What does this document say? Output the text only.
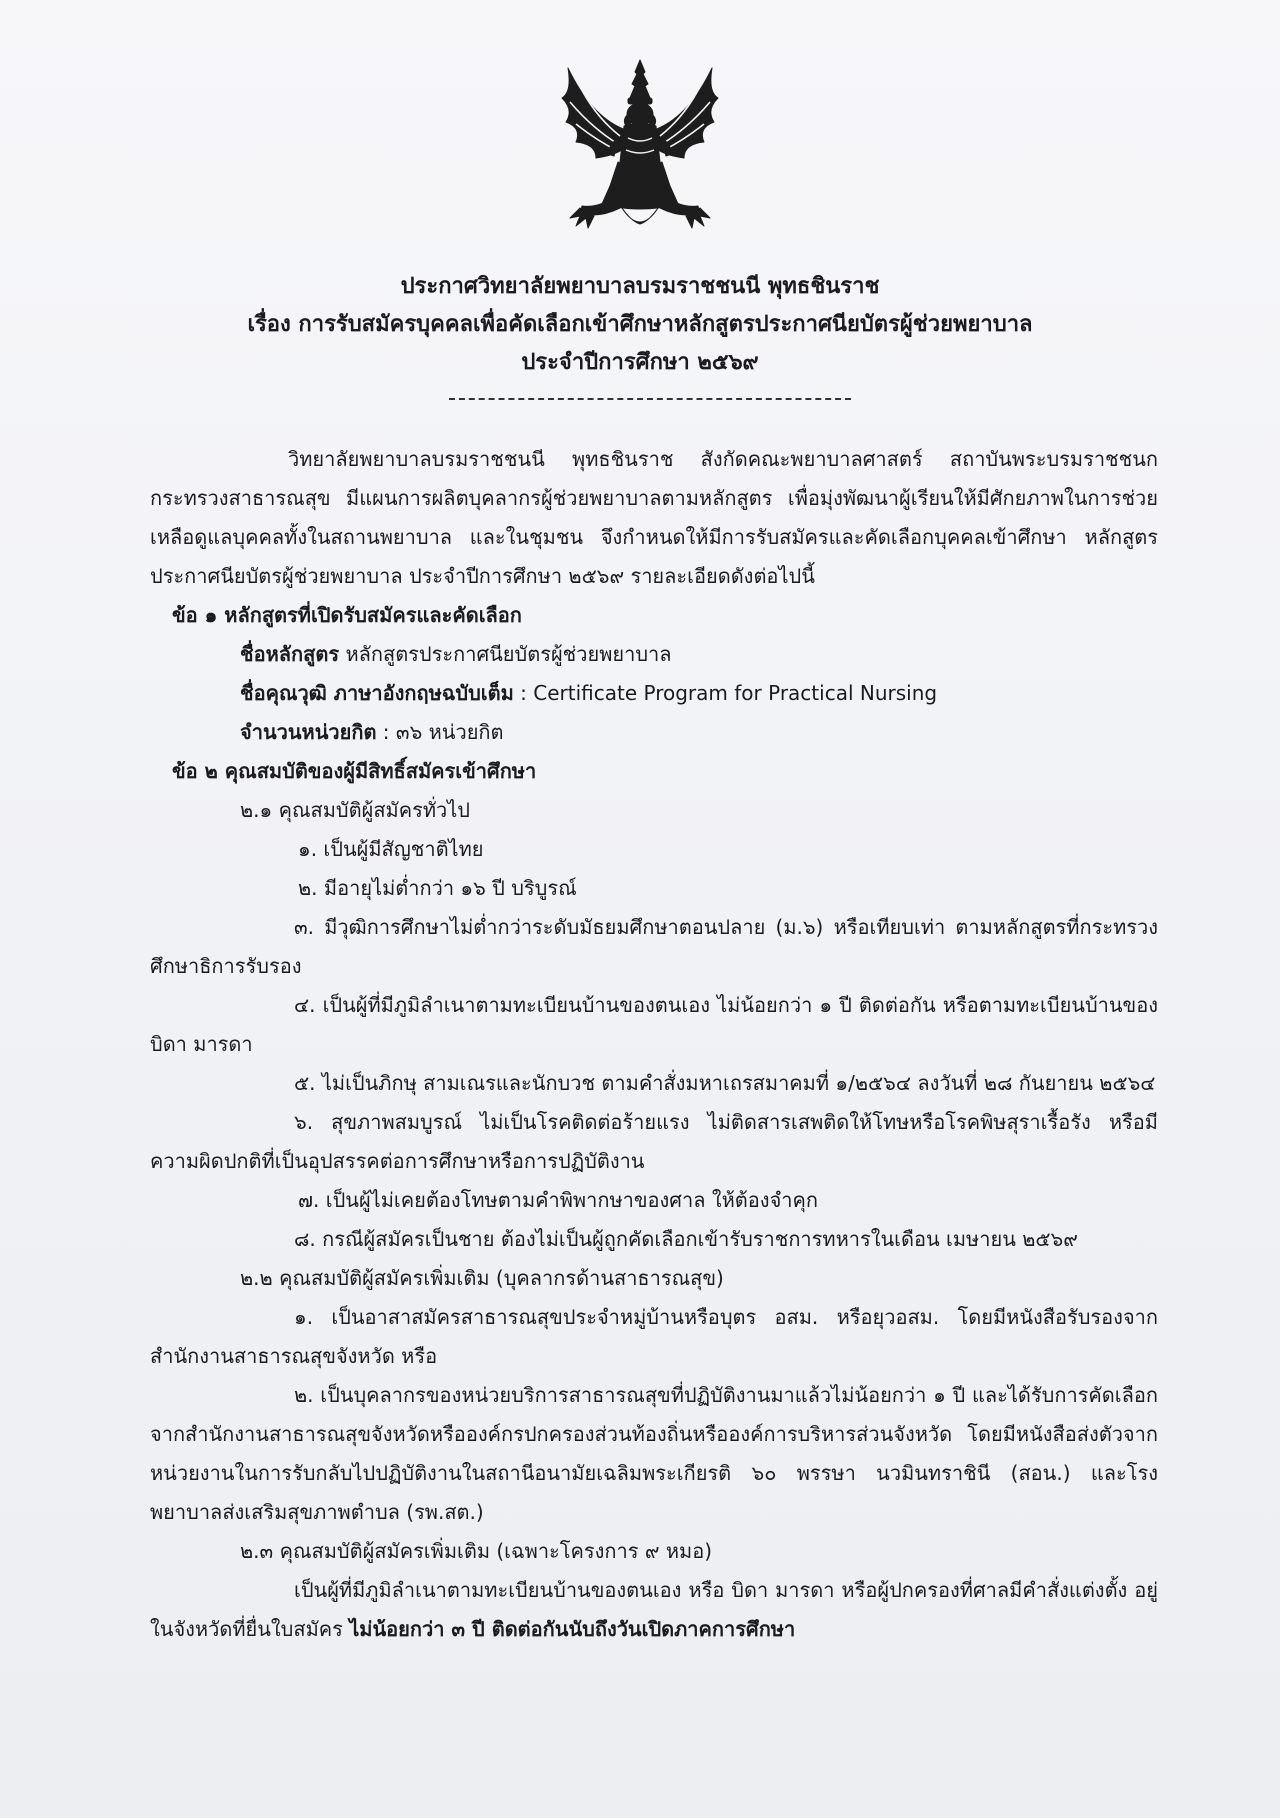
ประกาศวิทยาลัยพยาบาลบรมราชชนนี พุทธชินราช
เรื่อง การรับสมัครบุคคลเพื่อคัดเลือกเข้าศึกษาหลักสูตรประกาศนียบัตรผู้ช่วยพยาบาล
ประจำปีการศึกษา ๒๕๖๙
วิทยาลัยพยาบาลบรมราชชนนี พุทธชินราช สังกัดคณะพยาบาลศาสตร์ สถาบันพระบรมราชชนก กระทรวงสาธารณสุข มีแผนการผลิตบุคลากรผู้ช่วยพยาบาลตามหลักสูตร เพื่อมุ่งพัฒนาผู้เรียนให้มีศักยภาพในการช่วยเหลือดูแลบุคคลทั้งในสถานพยาบาล และในชุมชน จึงกำหนดให้มีการรับสมัครและคัดเลือกบุคคลเข้าศึกษา หลักสูตรประกาศนียบัตรผู้ช่วยพยาบาล ประจำปีการศึกษา ๒๕๖๙ รายละเอียดดังต่อไปนี้
ข้อ ๑ หลักสูตรที่เปิดรับสมัครและคัดเลือก
ชื่อหลักสูตร หลักสูตรประกาศนียบัตรผู้ช่วยพยาบาล
ชื่อคุณวุฒิ ภาษาอังกฤษฉบับเต็ม : Certificate Program for Practical Nursing
จำนวนหน่วยกิต : ๓๖ หน่วยกิต
ข้อ ๒ คุณสมบัติของผู้มีสิทธิ์สมัครเข้าศึกษา
๒.๑ คุณสมบัติผู้สมัครทั่วไป
๑. เป็นผู้มีสัญชาติไทย
๒. มีอายุไม่ต่ำกว่า ๑๖ ปี บริบูรณ์
๓. มีวุฒิการศึกษาไม่ต่ำกว่าระดับมัธยมศึกษาตอนปลาย (ม.๖) หรือเทียบเท่า ตามหลักสูตรที่กระทรวงศึกษาธิการรับรอง
๔. เป็นผู้ที่มีภูมิลำเนาตามทะเบียนบ้านของตนเอง ไม่น้อยกว่า ๑ ปี ติดต่อกัน หรือตามทะเบียนบ้านของบิดา มารดา
๕. ไม่เป็นภิกษุ สามเณรและนักบวช ตามคำสั่งมหาเถรสมาคมที่ ๑/๒๕๖๔ ลงวันที่ ๒๘ กันยายน ๒๕๖๔
๖. สุขภาพสมบูรณ์ ไม่เป็นโรคติดต่อร้ายแรง ไม่ติดสารเสพติดให้โทษหรือโรคพิษสุราเรื้อรัง หรือมีความผิดปกติที่เป็นอุปสรรคต่อการศึกษาหรือการปฏิบัติงาน
๗. เป็นผู้ไม่เคยต้องโทษตามคำพิพากษาของศาล ให้ต้องจำคุก
๘. กรณีผู้สมัครเป็นชาย ต้องไม่เป็นผู้ถูกคัดเลือกเข้ารับราชการทหารในเดือน เมษายน ๒๕๖๙
๒.๒ คุณสมบัติผู้สมัครเพิ่มเติม (บุคลากรด้านสาธารณสุข)
๑. เป็นอาสาสมัครสาธารณสุขประจำหมู่บ้านหรือบุตร อสม. หรือยุวอสม. โดยมีหนังสือรับรองจากสำนักงานสาธารณสุขจังหวัด หรือ
๒. เป็นบุคลากรของหน่วยบริการสาธารณสุขที่ปฏิบัติงานมาแล้วไม่น้อยกว่า ๑ ปี และได้รับการคัดเลือกจากสำนักงานสาธารณสุขจังหวัดหรือองค์กรปกครองส่วนท้องถิ่นหรือองค์การบริหารส่วนจังหวัด โดยมีหนังสือส่งตัวจากหน่วยงานในการรับกลับไปปฏิบัติงานในสถานีอนามัยเฉลิมพระเกียรติ ๖๐ พรรษา นวมินทราชินี (สอน.) และโรงพยาบาลส่งเสริมสุขภาพตำบล (รพ.สต.)
๒.๓ คุณสมบัติผู้สมัครเพิ่มเติม (เฉพาะโครงการ ๙ หมอ)
เป็นผู้ที่มีภูมิลำเนาตามทะเบียนบ้านของตนเอง หรือ บิดา มารดา หรือผู้ปกครองที่ศาลมีคำสั่งแต่งตั้ง อยู่ในจังหวัดที่ยื่นใบสมัคร ไม่น้อยกว่า ๓ ปี ติดต่อกันนับถึงวันเปิดภาคการศึกษา
